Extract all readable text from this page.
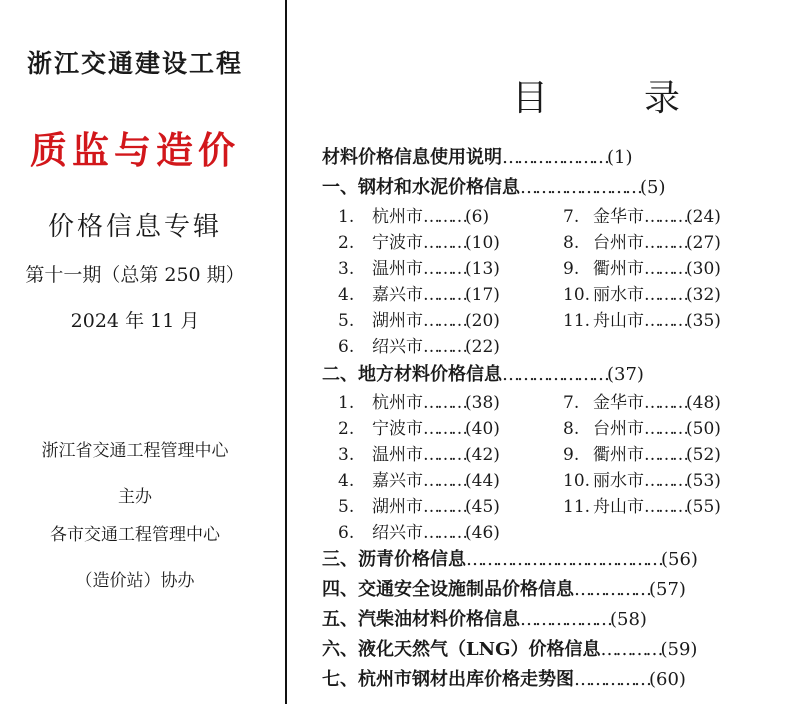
浙江交通建设工程
质监与造价
价格信息专辑
第十一期（总第 250 期）
2024 年 11 月
浙江省交通工程管理中心
主办
各市交通工程管理中心
（造价站）协办
目　录
材料价格信息使用说明…………………(1)
一、钢材和水泥价格信息……………………(5)
1. 杭州市………(6)
2. 宁波市………(10)
3. 温州市………(13)
4. 嘉兴市………(17)
5. 湖州市………(20)
6. 绍兴市………(22)
7. 金华市………(24)
8. 台州市………(27)
9. 衢州市………(30)
10. 丽水市………(32)
11. 舟山市………(35)
二、地方材料价格信息…………………(37)
1. 杭州市………(38)
2. 宁波市………(40)
3. 温州市………(42)
4. 嘉兴市………(44)
5. 湖州市………(45)
6. 绍兴市………(46)
7. 金华市………(48)
8. 台州市………(50)
9. 衢州市………(52)
10. 丽水市………(53)
11. 舟山市………(55)
三、沥青价格信息…………………………………(56)
四、交通安全设施制品价格信息……………(57)
五、汽柴油材料价格信息………………(58)
六、液化天然气（LNG）价格信息…………(59)
七、杭州市钢材出库价格走势图……………(60)
